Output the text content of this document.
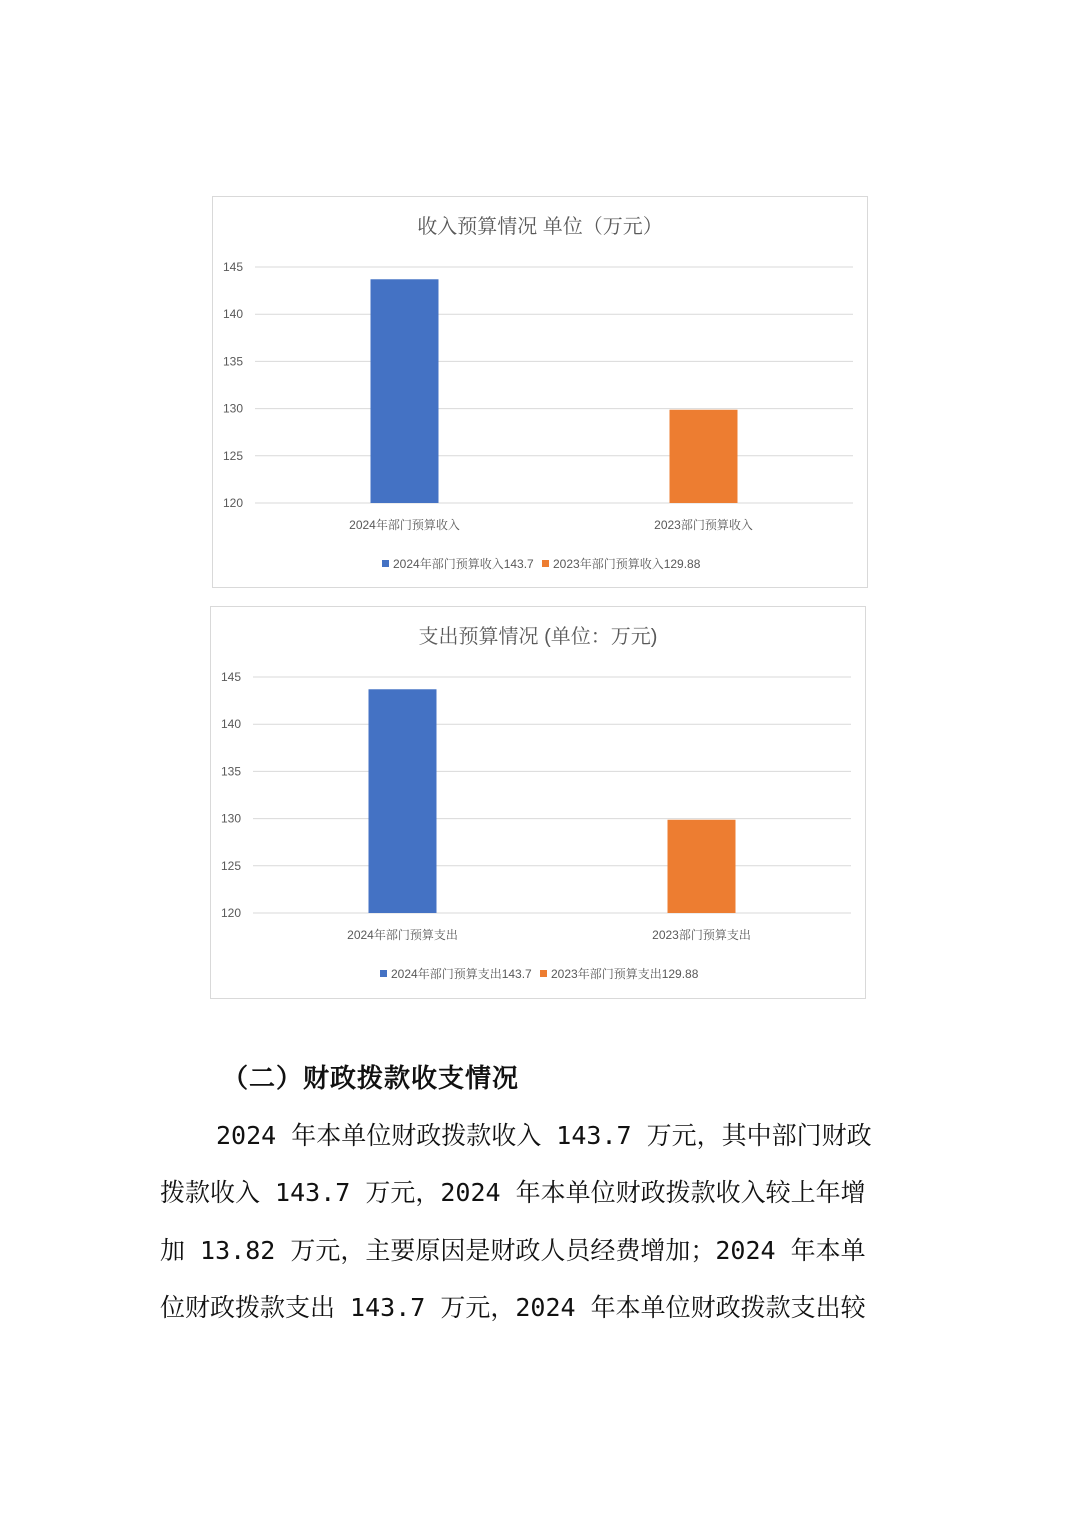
收入预算情况 单位（万元）
120
125
130
135
140
145
2024年部门预算收入	2023部门预算收入
2024年部门预算收入143.7 2023年部门预算收入129.88
支出预算情况 (单位：万元)
120
125
130
135
140
145
2024年部门预算支出	2023部门预算支出
2024年部门预算支出143.7 2023年部门预算支出129.88
（二）财政拨款收支情况
2024 年本单位财政拨款收入 143.7 万元，其中部门财政
拨款收入 143.7 万元，2024 年本单位财政拨款收入较上年增
加 13.82 万元，主要原因是财政人员经费增加；2024 年本单
位财政拨款支出 143.7 万元，2024 年本单位财政拨款支出较
